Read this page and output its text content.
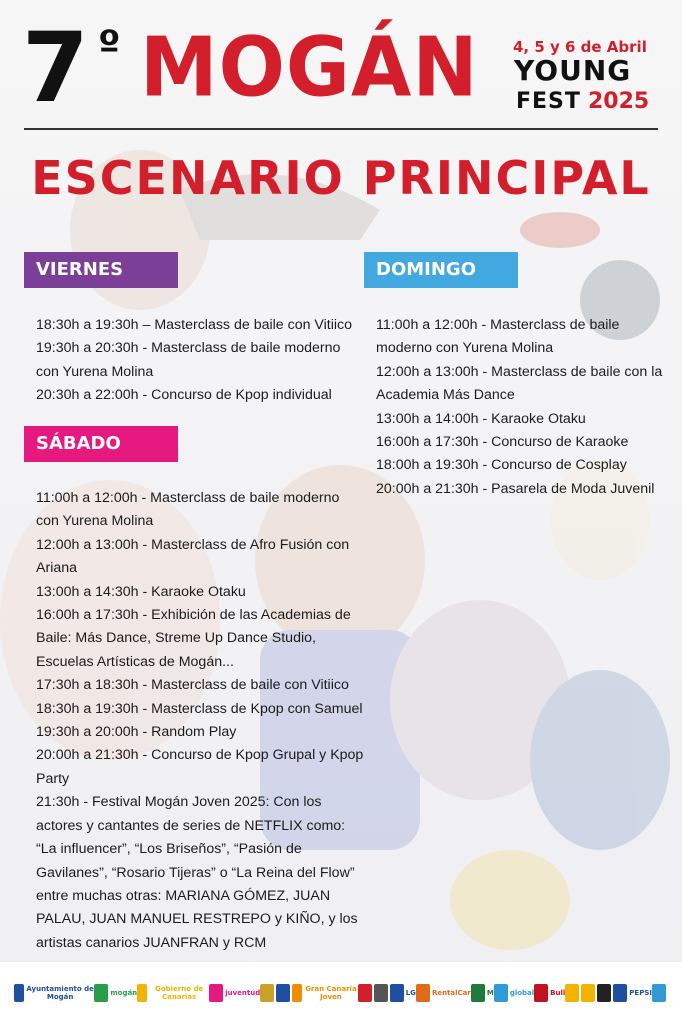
7 º MOGÁN 4, 5 y 6 de Abril
YOUNG
FEST 2025
ESCENARIO PRINCIPAL
VIERNES
18:30h a 19:30h – Masterclass de baile con Vitiico
19:30h a 20:30h - Masterclass de baile moderno con Yurena Molina
20:30h a 22:00h - Concurso de Kpop individual
SÁBADO
11:00h a 12:00h - Masterclass de baile moderno con Yurena Molina
12:00h a 13:00h - Masterclass de Afro Fusión con Ariana
13:00h a 14:30h - Karaoke Otaku
16:00h a 17:30h - Exhibición de las Academias de Baile: Más Dance, Streme Up Dance Studio, Escuelas Artísticas de Mogán...
17:30h a 18:30h - Masterclass de baile con Vitiico
18:30h a 19:30h - Masterclass de Kpop con Samuel
19:30h a 20:00h - Random Play
20:00h a 21:30h - Concurso de Kpop Grupal y Kpop Party
21:30h - Festival Mogán Joven 2025: Con los actores y cantantes de series de NETFLIX como: “La influencer”, “Los Briseños”, “Pasión de Gavilanes”, “Rosario Tijeras” o “La Reina del Flow” entre muchas otras: MARIANA GÓMEZ, JUAN PALAU, JUAN MANUEL RESTREPO y KIÑO, y los artistas canarios JUANFRAN y RCM
DOMINGO
11:00h a 12:00h - Masterclass de baile moderno con Yurena Molina
12:00h a 13:00h - Masterclass de baile con la Academia Más Dance
13:00h a 14:00h - Karaoke Otaku
16:00h a 17:30h - Concurso de Karaoke
18:00h a 19:30h - Concurso de Cosplay
20:00h a 21:30h - Pasarela de Moda Juvenil
Ayuntamiento de Mogán	mogán	Gobierno de Canarias	juventud	Gran Canaria Joven	LG RentalCar M global Bull	PEPSI
